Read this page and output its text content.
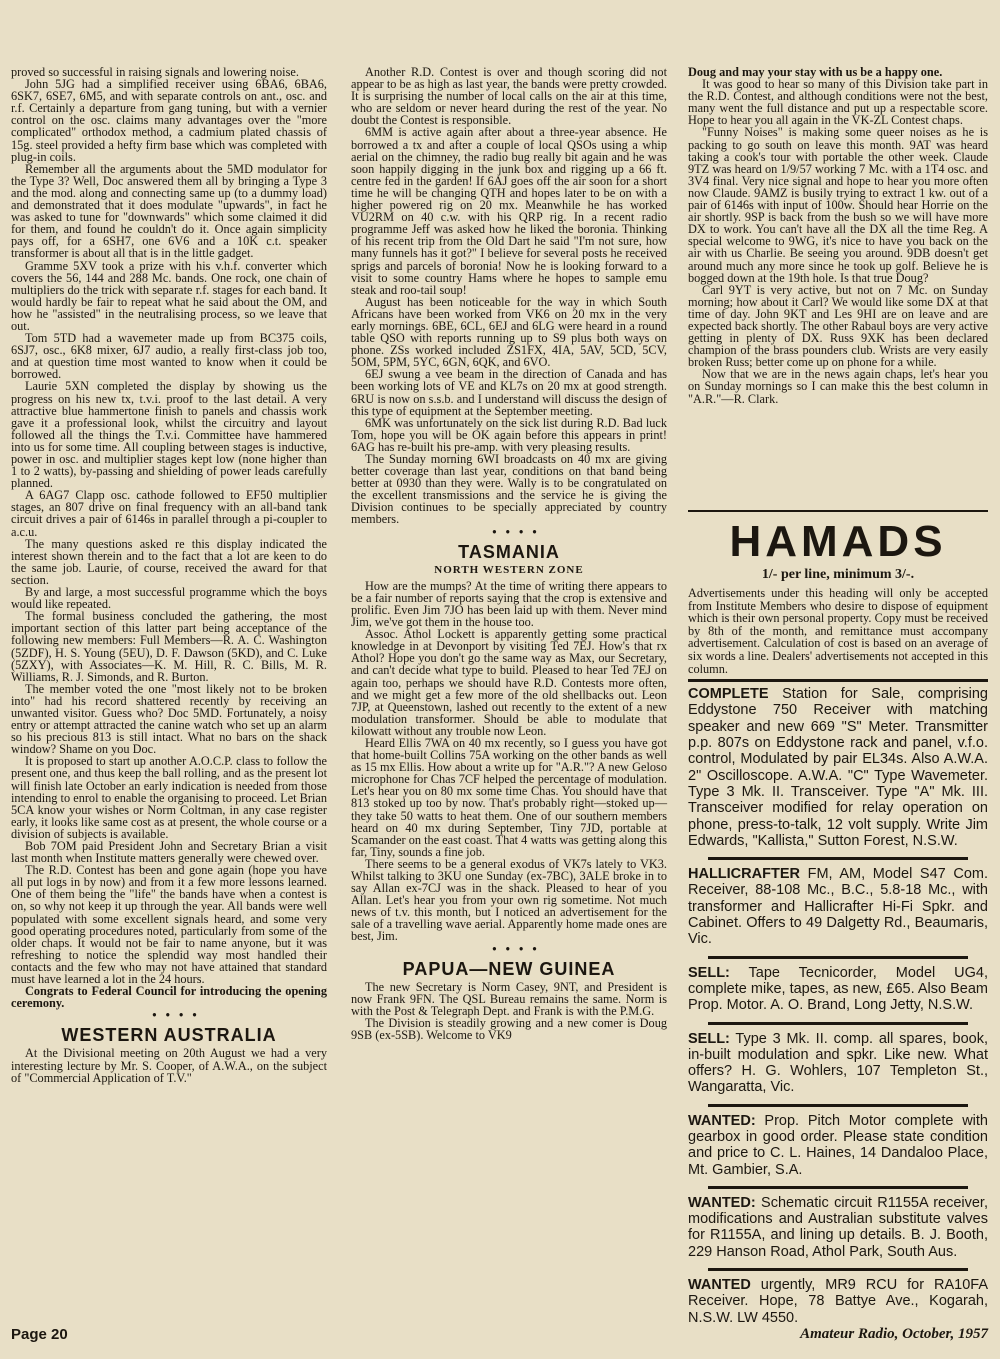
proved so successful in raising signals and lowering noise.

John 5JG had a simplified receiver using 6BA6, 6BA6, 6SK7, 6SE7, 6M5, and with separate controls on ant., osc. and r.f. Certainly a departure from gang tuning, but with a vernier control on the osc. claims many advantages over the "more complicated" orthodox method, a cadmium plated chassis of 15g. steel provided a hefty firm base which was completed with plug-in coils.

Remember all the arguments about the 5MD modulator for the Type 3? Well, Doc answered them all by bringing a Type 3 and the mod. along and connecting same up (to a dummy load) and demonstrated that it does modulate "upwards", in fact he was asked to tune for "downwards" which some claimed it did for them, and found he couldn't do it. Once again simplicity pays off, for a 6SH7, one 6V6 and a 10K c.t. speaker transformer is about all that is in the little gadget.

Gramme 5XV took a prize with his v.h.f. converter which covers the 56, 144 and 288 Mc. bands. One rock, one chain of multipliers do the trick with separate r.f. stages for each band. It would hardly be fair to repeat what he said about the OM, and how he "assisted" in the neutralising process, so we leave that out.

Tom 5TD had a wavemeter made up from BC375 coils, 6SJ7, osc., 6K8 mixer, 6J7 audio, a really first-class job too, and at question time most wanted to know when it could be borrowed.

Laurie 5XN completed the display by showing us the progress on his new tx, t.v.i. proof to the last detail. A very attractive blue hammertone finish to panels and chassis work gave it a professional look, whilst the circuitry and layout followed all the things the T.v.i. Committee have hammered into us for some time. All coupling between stages is inductive, power in osc. and multiplier stages kept low (none higher than 1 to 2 watts), by-passing and shielding of power leads carefully planned.

A 6AG7 Clapp osc. cathode followed to EF50 multiplier stages, an 807 drive on final frequency with an all-band tank circuit drives a pair of 6146s in parallel through a pi-coupler to a.c.u.

The many questions asked re this display indicated the interest shown therein and to the fact that a lot are keen to do the same job. Laurie, of course, received the award for that section.

By and large, a most successful programme which the boys would like repeated.

The formal business concluded the gathering, the most important section of this latter part being acceptance of the following new members: Full Members—R. A. C. Washington (5ZDF), H. S. Young (5EU), D. F. Dawson (5KD), and C. Luke (5ZXY), with Associates—K. M. Hill, R. C. Bills, M. R. Williams, R. J. Simonds, and R. Burton.

The member voted the one "most likely not to be broken into" had his record shattered recently by receiving an unwanted visitor. Guess who? Doc 5MD. Fortunately, a noisy entry or attempt attracted the canine watch who set up an alarm so his precious 813 is still intact. What no bars on the shack window? Shame on you Doc.

It is proposed to start up another A.O.C.P. class to follow the present one, and thus keep the ball rolling, and as the present lot will finish late October an early indication is needed from those intending to enrol to enable the organising to proceed. Let Brian 5CA know your wishes or Norm Coltman, in any case register early, it looks like same cost as at present, the whole course or a division of subjects is available.

Bob 7OM paid President John and Secretary Brian a visit last month when Institute matters generally were chewed over.

The R.D. Contest has been and gone again (hope you have all put logs in by now) and from it a few more lessons learned. One of them being the "life" the bands have when a contest is on, so why not keep it up through the year. All bands were well populated with some excellent signals heard, and some very good operating procedures noted, particularly from some of the older chaps. It would not be fair to name anyone, but it was refreshing to notice the splendid way most handled their contacts and the few who may not have attained that standard must have learned a lot in the 24 hours.

Congrats to Federal Council for introducing the opening ceremony.

• • • •

WESTERN AUSTRALIA

At the Divisional meeting on 20th August we had a very interesting lecture by Mr. S. Cooper, of A.W.A., on the subject of "Commercial Application of T.V."

Another R.D. Contest is over and though scoring did not appear to be as high as last year, the bands were pretty crowded. It is surprising the number of local calls on the air at this time, who are seldom or never heard during the rest of the year. No doubt the Contest is responsible.

6MM is active again after about a three-year absence. He borrowed a tx and after a couple of local QSOs using a whip aerial on the chimney, the radio bug really bit again and he was soon happily digging in the junk box and rigging up a 66 ft. centre fed in the garden! If 6AJ goes off the air soon for a short time he will be changing QTH and hopes later to be on with a higher powered rig on 20 mx. Meanwhile he has worked VU2RM on 40 c.w. with his QRP rig. In a recent radio programme Jeff was asked how he liked the boronia. Thinking of his recent trip from the Old Dart he said "I'm not sure, how many funnels has it got?" I believe for several posts he received sprigs and parcels of boronia! Now he is looking forward to a visit to some country Hams where he hopes to sample emu steak and roo-tail soup!

August has been noticeable for the way in which South Africans have been worked from VK6 on 20 mx in the very early mornings. 6BE, 6CL, 6EJ and 6LG were heard in a round table QSO with reports running up to S9 plus both ways on phone. ZSs worked included ZS1FX, 4IA, 5AV, 5CD, 5CV, 5OM, 5PM, 5YC, 6GN, 6QK, and 6VO.

6EJ swung a vee beam in the direction of Canada and has been working lots of VE and KL7s on 20 mx at good strength. 6RU is now on s.s.b. and I understand will discuss the design of this type of equipment at the September meeting.

6MK was unfortunately on the sick list during R.D. Bad luck Tom, hope you will be OK again before this appears in print! 6AG has re-built his pre-amp. with very pleasing results.

The Sunday morning 6WI broadcasts on 40 mx are giving better coverage than last year, conditions on that band being better at 0930 than they were. Wally is to be congratulated on the excellent transmissions and the service he is giving the Division continues to be specially appreciated by country members.

• • • •

TASMANIA
NORTH WESTERN ZONE

How are the mumps? At the time of writing there appears to be a fair number of reports saying that the crop is extensive and prolific. Even Jim 7JO has been laid up with them. Never mind Jim, we've got them in the house too.

Assoc. Athol Lockett is apparently getting some practical knowledge in at Devonport by visiting Ted 7EJ. How's that rx Athol? Hope you don't go the same way as Max, our Secretary, and can't decide what type to build. Pleased to hear Ted 7EJ on again too, perhaps we should have R.D. Contests more often, and we might get a few more of the old shellbacks out. Leon 7JP, at Queenstown, lashed out recently to the extent of a new modulation transformer. Should be able to modulate that kilowatt without any trouble now Leon.

Heard Ellis 7WA on 40 mx recently, so I guess you have got that home-built Collins 75A working on the other bands as well as 15 mx Ellis. How about a write up for "A.R."? A new Geloso microphone for Chas 7CF helped the percentage of modulation. Let's hear you on 80 mx some time Chas. You should have that 813 stoked up too by now. That's probably right—stoked up—they take 50 watts to heat them. One of our southern members heard on 40 mx during September, Tiny 7JD, portable at Scamander on the east coast. That 4 watts was getting along this far, Tiny, sounds a fine job.

There seems to be a general exodus of VK7s lately to VK3. Whilst talking to 3KU one Sunday (ex-7BC), 3ALE broke in to say Allan ex-7CJ was in the shack. Pleased to hear of you Allan. Let's hear you from your own rig sometime. Not much news of t.v. this month, but I noticed an advertisement for the sale of a travelling wave aerial. Apparently home made ones are best, Jim.

• • • •

PAPUA—NEW GUINEA

The new Secretary is Norm Casey, 9NT, and President is now Frank 9FN. The QSL Bureau remains the same. Norm is with the Post & Telegraph Dept. and Frank is with the P.M.G.

The Division is steadily growing and a new comer is Doug 9SB (ex-5SB). Welcome to VK9

Doug and may your stay with us be a happy one.

It was good to hear so many of this Division take part in the R.D. Contest, and although conditions were not the best, many went the full distance and put up a respectable score. Hope to hear you all again in the VK-ZL Contest chaps.

"Funny Noises" is making some queer noises as he is packing to go south on leave this month. 9AT was heard taking a cook's tour with portable the other week. Claude 9TZ was heard on 1/9/57 working 7 Mc. with a 1T4 osc. and 3V4 final. Very nice signal and hope to hear you more often now Claude. 9AMZ is busily trying to extract 1 kw. out of a pair of 6146s with input of 100w. Should hear Horrie on the air shortly. 9SP is back from the bush so we will have more DX to work. You can't have all the DX all the time Reg. A special welcome to 9WG, it's nice to have you back on the air with us Charlie. Be seeing you around. 9DB doesn't get around much any more since he took up golf. Believe he is bogged down at the 19th hole. Is that true Doug?

Carl 9YT is very active, but not on 7 Mc. on Sunday morning; how about it Carl? We would like some DX at that time of day. John 9KT and Les 9HI are on leave and are expected back shortly. The other Rabaul boys are very active getting in plenty of DX. Russ 9XK has been declared champion of the brass pounders club. Wrists are very easily broken Russ; better come up on phone for a while.

Now that we are in the news again chaps, let's hear you on Sunday mornings so I can make this the best column in "A.R."—R. Clark.

HAMADS
1/- per line, minimum 3/-.
Advertisements under this heading will only be accepted from Institute Members who desire to dispose of equipment which is their own personal property. Copy must be received by 8th of the month, and remittance must accompany advertisement. Calculation of cost is based on an average of six words a line. Dealers' advertisements not accepted in this column.
COMPLETE Station for Sale, comprising Eddystone 750 Receiver with matching speaker and new 669 "S" Meter. Transmitter p.p. 807s on Eddystone rack and panel, v.f.o. control, Modulated by pair EL34s. Also A.W.A. 2" Oscilloscope. A.W.A. "C" Type Wavemeter. Type 3 Mk. II. Transceiver. Type "A" Mk. III. Transceiver modified for relay operation on phone, press-to-talk, 12 volt supply. Write Jim Edwards, "Kallista," Sutton Forest, N.S.W.
HALLICRAFTER FM, AM, Model S47 Com. Receiver, 88-108 Mc., B.C., 5.8-18 Mc., with transformer and Hallicrafter Hi-Fi Spkr. and Cabinet. Offers to 49 Dalgetty Rd., Beaumaris, Vic.
SELL: Tape Tecnicorder, Model UG4, complete mike, tapes, as new, £65. Also Beam Prop. Motor. A. O. Brand, Long Jetty, N.S.W.
SELL: Type 3 Mk. II. comp. all spares, book, in-built modulation and spkr. Like new. What offers? H. G. Wohlers, 107 Templeton St., Wangaratta, Vic.
WANTED: Prop. Pitch Motor complete with gearbox in good order. Please state condition and price to C. L. Haines, 14 Dandaloo Place, Mt. Gambier, S.A.
WANTED: Schematic circuit R1155A receiver, modifications and Australian substitute valves for R1155A, and lining up details. B. J. Booth, 229 Hanson Road, Athol Park, South Aus.
WANTED urgently, MR9 RCU for RA10FA Receiver. Hope, 78 Battye Ave., Kogarah, N.S.W. LW 4550.
Page 20	Amateur Radio, October, 1957
